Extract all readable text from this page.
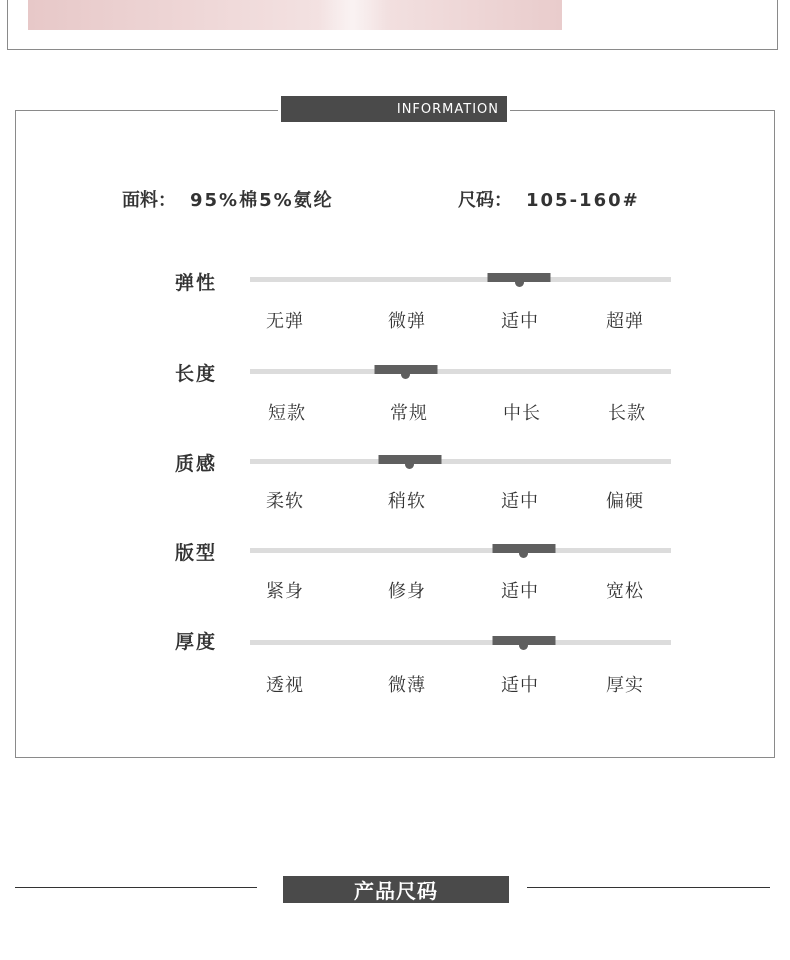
INFORMATION
面料： 95%棉5%氨纶	尺码： 105-160#
弹性
无弹	微弹	适中	超弹
长度
短款	常规	中长	长款
质感
柔软	稍软	适中	偏硬
版型
紧身	修身	适中	宽松
厚度
透视	微薄	适中	厚实
产品尺码
